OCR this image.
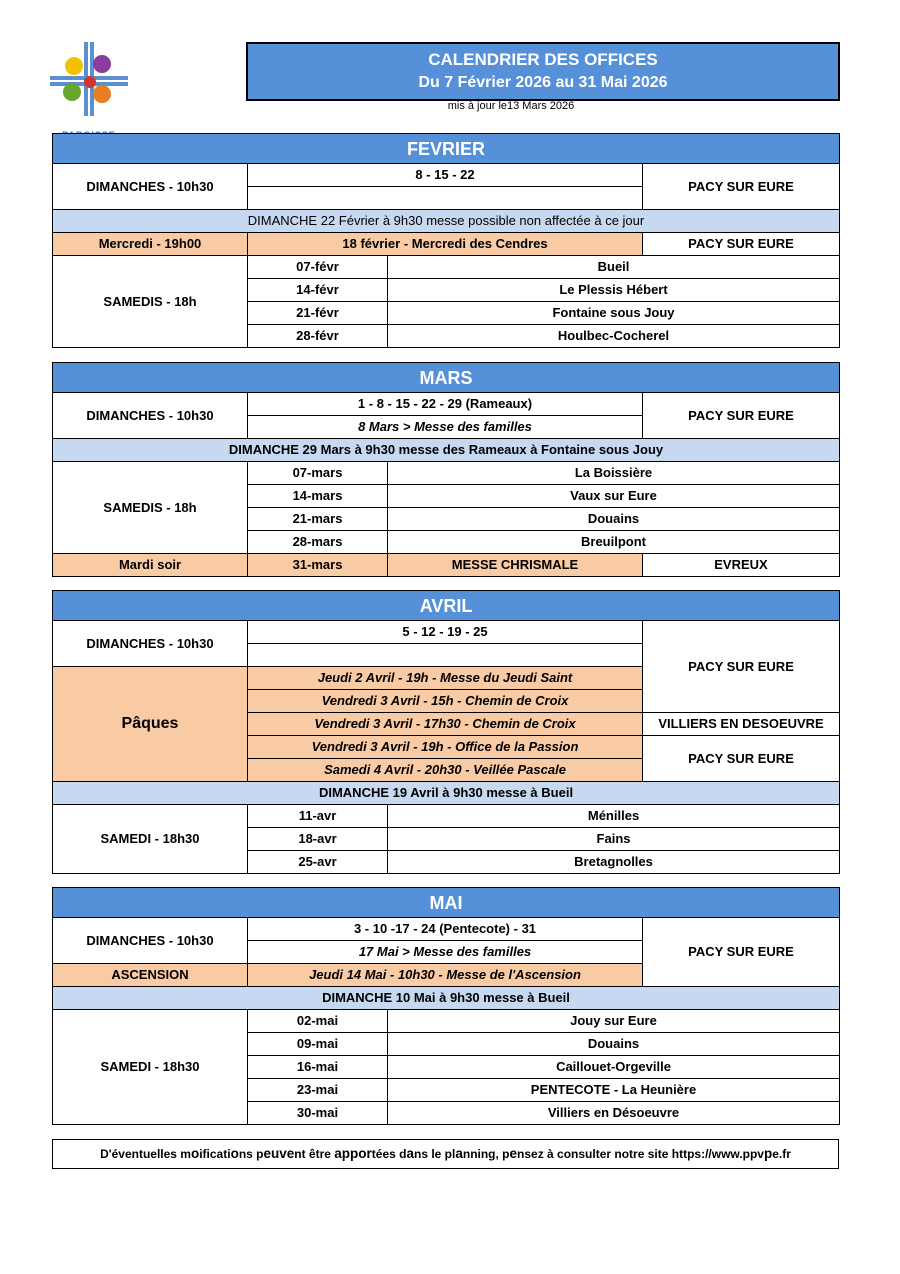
CALENDRIER DES OFFICES
Du 7 Février 2026 au 31 Mai 2026
mis à jour le13 Mars 2026
FEVRIER			
DIMANCHES - 10h30	8 - 15 - 22		PACY SUR EURE

DIMANCHE 22 Février à 9h30 messe possible non affectée à ce jour			
Mercredi - 19h00	18 février - Mercredi des Cendres		PACY SUR EURE
SAMEDIS - 18h	07-févr	Bueil	
	14-févr	Le Plessis Hébert	
	21-févr	Fontaine sous Jouy	
	28-févr	Houlbec-Cocherel	
MARS			
DIMANCHES - 10h30	1 - 8 - 15 - 22 - 29 (Rameaux)		PACY SUR EURE
	8 Mars > Messe des familles		
DIMANCHE 29 Mars à 9h30 messe des Rameaux à Fontaine sous Jouy			
SAMEDIS - 18h	07-mars	La Boissière	
	14-mars	Vaux sur Eure	
	21-mars	Douains	
	28-mars	Breuilpont	
Mardi soir	31-mars	MESSE CHRISMALE	EVREUX
AVRIL			
DIMANCHES - 10h30	5 - 12 - 19 - 25		PACY SUR EURE

Pâques	Jeudi 2 Avril - 19h - Messe du Jeudi Saint		
	Vendredi 3 Avril - 15h - Chemin de Croix		
	Vendredi 3 Avril - 17h30 - Chemin de Croix		VILLIERS EN DESOEUVRE
	Vendredi 3 Avril - 19h - Office de la Passion		PACY SUR EURE
	Samedi 4 Avril - 20h30 - Veillée Pascale		
DIMANCHE 19 Avril à 9h30 messe à Bueil			
SAMEDI - 18h30	11-avr	Ménilles	
	18-avr	Fains	
	25-avr	Bretagnolles	
MAI			
DIMANCHES - 10h30	3 - 10 -17 - 24 (Pentecote) - 31		PACY SUR EURE
	17 Mai > Messe des familles		
ASCENSION	Jeudi 14 Mai - 10h30 - Messe de l'Ascension		
DIMANCHE 10 Mai à 9h30 messe à Bueil			
SAMEDI - 18h30	02-mai	Jouy sur Eure	
	09-mai	Douains	
	16-mai	Caillouet-Orgeville	
	23-mai	PENTECOTE - La Heunière	
	30-mai	Villiers en Désoeuvre	
D'éventuelles moifications peuvent être apportées dans le planning, pensez à consulter notre site https://www.ppvpe.fr
